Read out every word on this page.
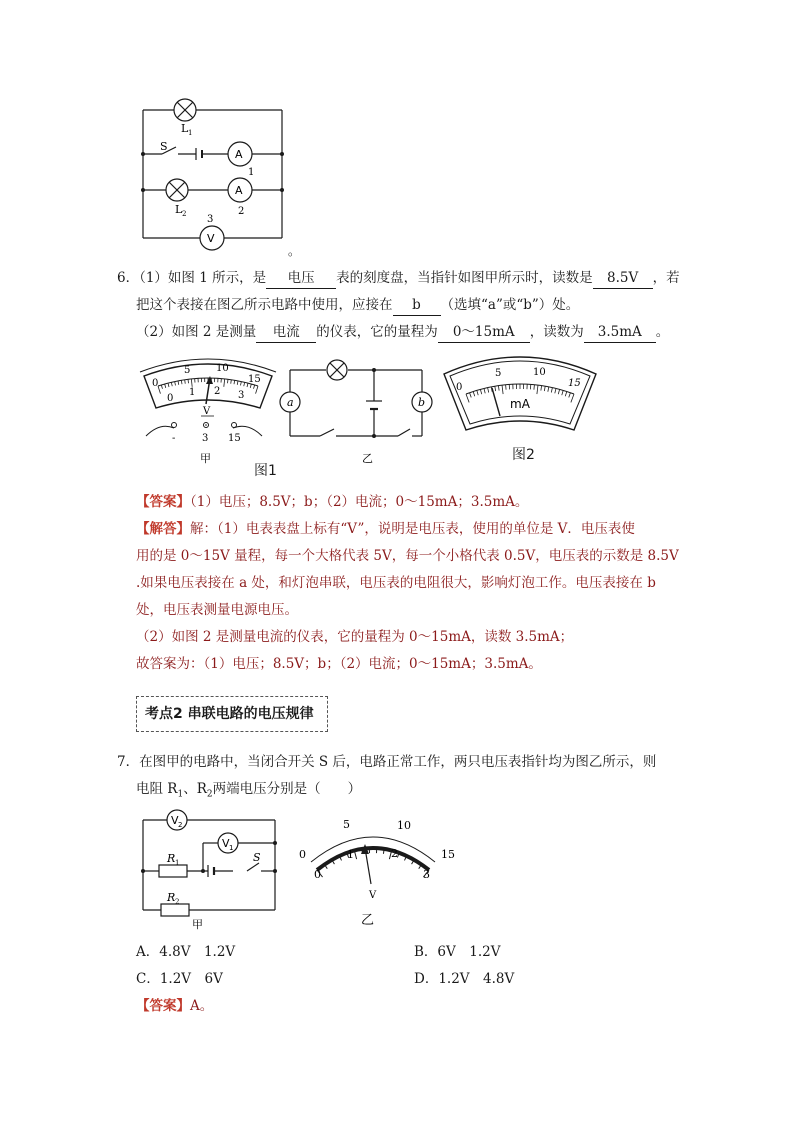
L 1
S
A
1
A
2
L 2 3
V
。
6．（1）如图 1 所示，是 电压 表的刻度盘，当指针如图甲所示时，读数是 8.5V ，若
把这个表接在图乙所示电路中使用，应接在 b （选填“a”或“b”）处。
（2）如图 2 是测量 电流 的仪表，它的量程为 0～15mA ，读数为 3.5mA 。
0
5	10
15
0
1 2 3
V
-	3 15
甲
图1
a	b
乙
0
5	10
15
mA
图2
【答案】（1）电压；8.5V；b；（2）电流；0～15mA；3.5mA。
【解答】解：（1）电表表盘上标有“V”，说明是电压表，使用的单位是 V．电压表使
用的是 0～15V 量程，每一个大格代表 5V，每一个小格代表 0.5V，电压表的示数是 8.5V
.如果电压表接在 a 处，和灯泡串联，电压表的电阻很大，影响灯泡工作。电压表接在 b
处，电压表测量电源电压。
（2）如图 2 是测量电流的仪表，它的量程为 0～15mA，读数 3.5mA；
故答案为：（1）电压；8.5V；b；（2）电流；0～15mA；3.5mA。
考点2 串联电路的电压规律
7．在图甲的电路中，当闭合开关 S 后，电路正常工作，两只电压表指针均为图乙所示，则
电阻 $R_1$、$R_2$两端电压分别是（　　）
V 2
V 1
R 1	S
R 2
甲
0
5	10
15
0
1	2
3
V
乙
A．4.8V　1.2V	B．6V　1.2V
C．1.2V　6V	D．1.2V　4.8V
【答案】A。
